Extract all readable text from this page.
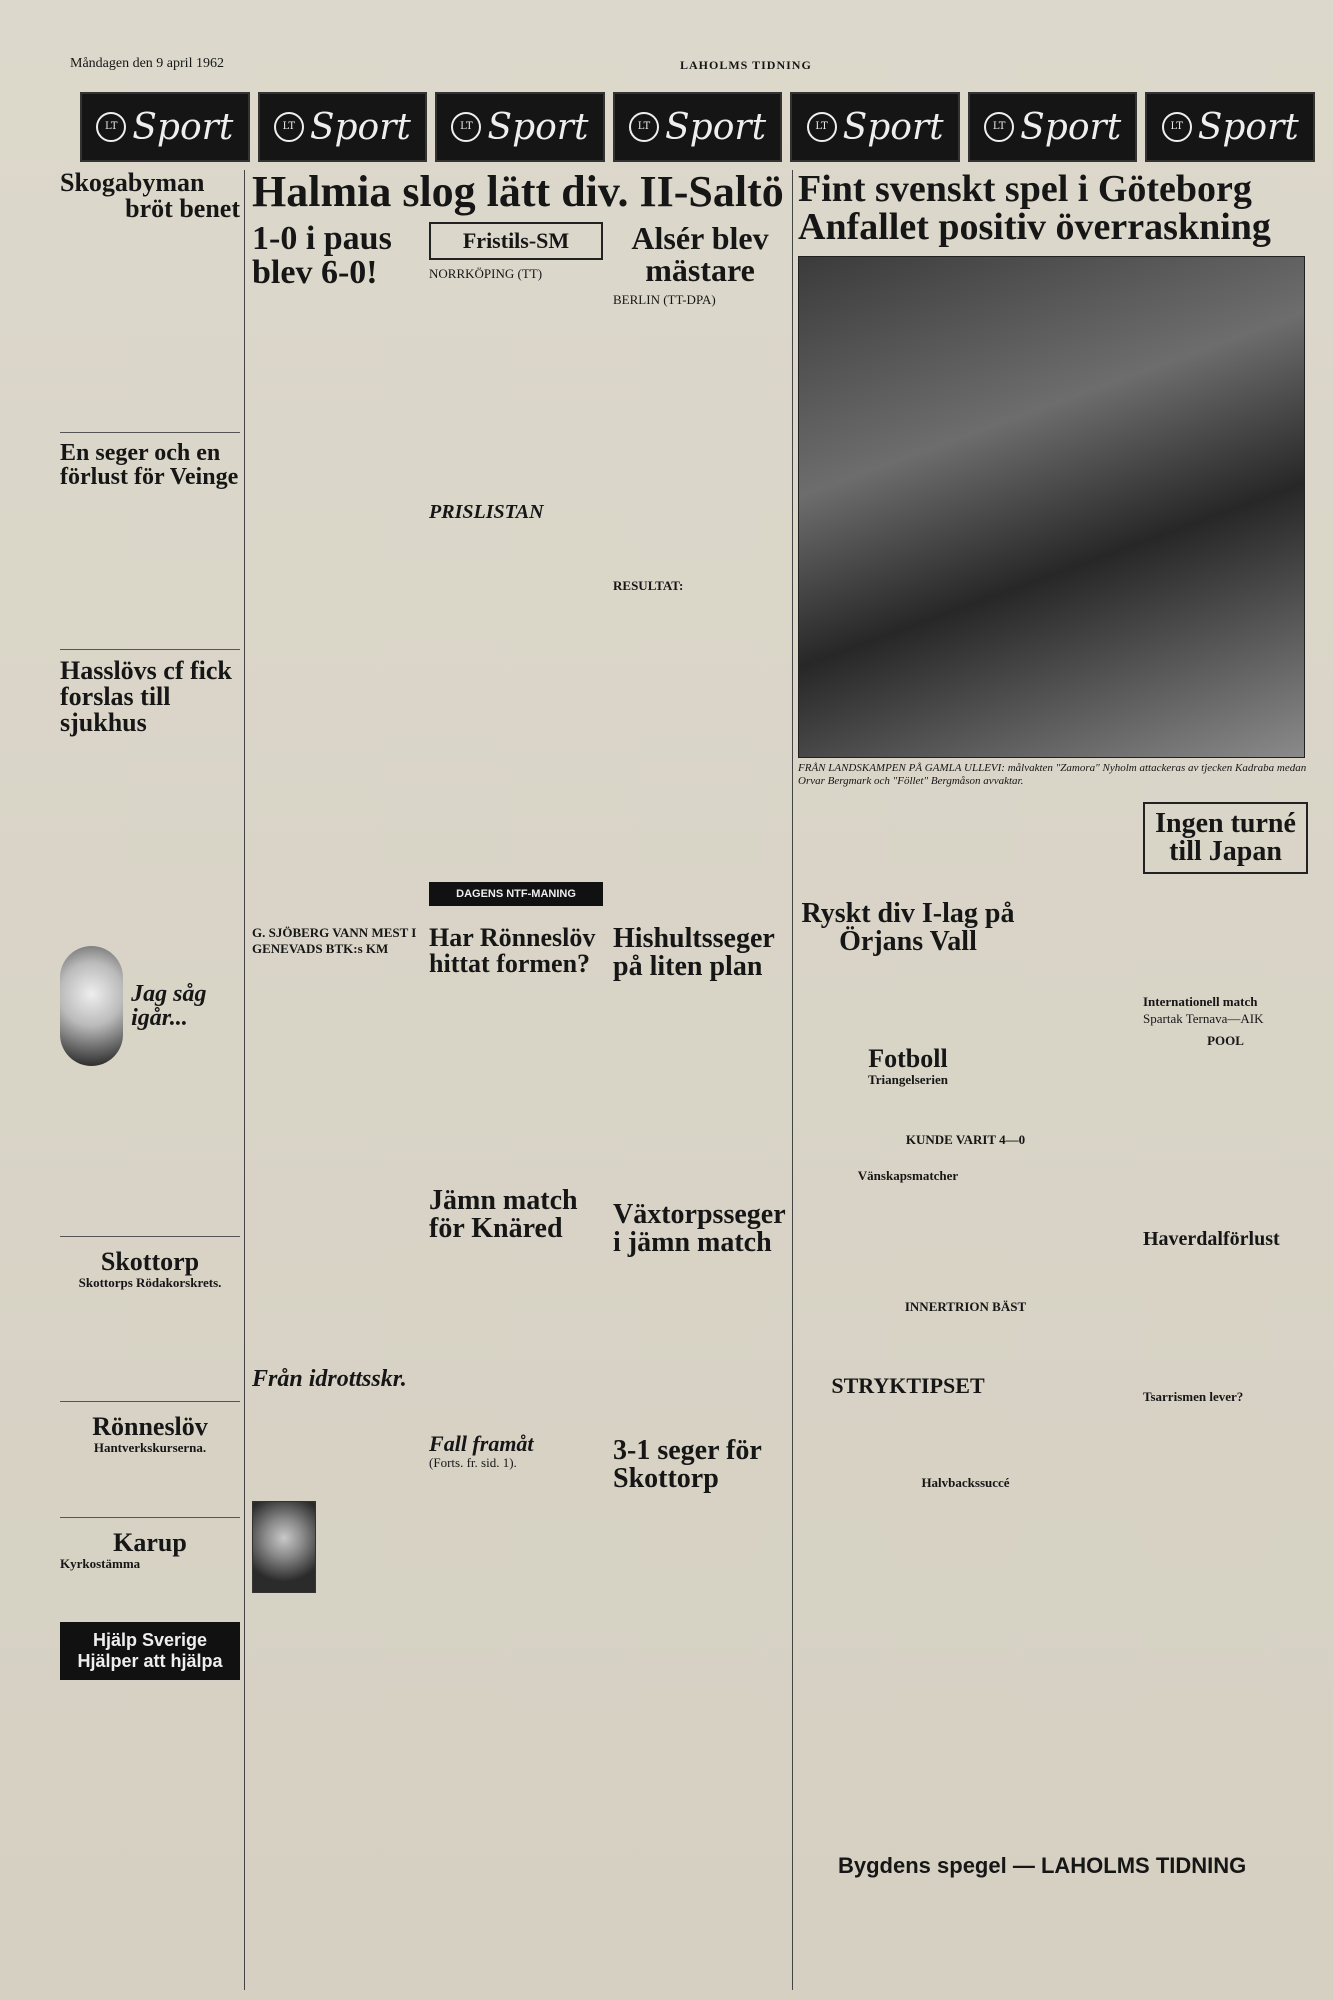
Måndagen den 9 april 1962	LAHOLMS TIDNING
LT Sport	LT Sport	LT Sport	LT Sport	LT Sport	LT Sport	LT Sport
Skogabyman
bröt benet
En seger och en förlust för Veinge
Hasslövs cf fick forslas till sjukhus
Jag såg igår...
Skottorp
Skottorps Rödakorskrets.
Rönneslöv
Hantverkskurserna.
Karup
Kyrkostämma
Hjälp Sverige Hjälper att hjälpa
Halmia slog lätt div. II-Saltö
1-0 i paus blev 6-0!
Fristils-SM
NORRKÖPING (TT)
PRISLISTAN
DAGENS NTF-MANING
Alsér blev mästare
BERLIN (TT-DPA)
RESULTAT:
G. SJÖBERG VANN MEST I GENEVADS BTK:s KM
Från idrottsskr.
Har Rönneslöv hittat formen?
Jämn match för Knäred
Fall framåt
(Forts. fr. sid. 1).
Hishultsseger på liten plan
Växtorpsseger i jämn match
3-1 seger för Skottorp
Fint svenskt spel i Göteborg
Anfallet positiv överraskning
FRÅN LANDSKAMPEN PÅ GAMLA ULLEVI: målvakten "Zamora" Nyholm attackeras av tjecken Kadraba medan Orvar Bergmark och "Föllet" Bergmåson avvaktar.
KUNDE VARIT 4—0
INNERTRION BÄST
Halvbackssuccé
Ingen turné till Japan
Internationell match
Spartak Ternava—AIK
POOL
Haverdalförlust
Tsarrismen lever?
Ryskt div I-lag på Örjans Vall
Fotboll
Triangelserien
Vänskapsmatcher
STRYKTIPSET
Bygdens spegel — LAHOLMS TIDNING
